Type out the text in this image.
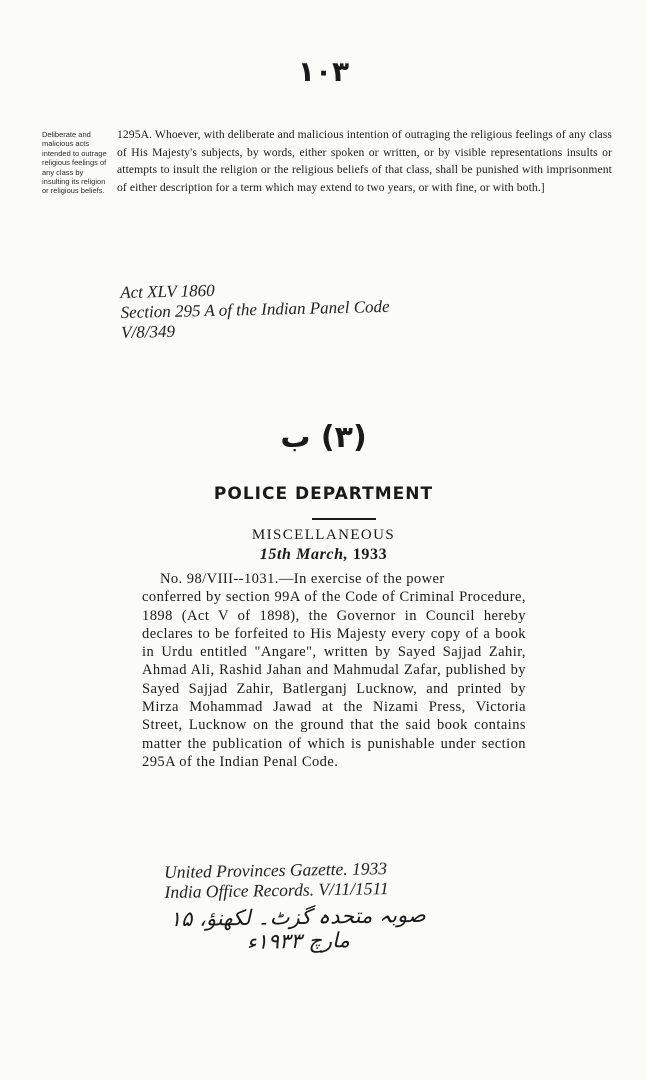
١٠٣
Deliberate and malicious acts intended to outrage religious feelings of any class by insulting its religion or religious beliefs.
1295A. Whoever, with deliberate and malicious intention of outraging the religious feelings of any class of His Majesty's subjects, by words, either spoken or written, or by visible representations insults or attempts to insult the religion or the religious beliefs of that class, shall be punished with imprisonment of either description for a term which may extend to two years, or with fine, or with both.]
Act XLV 1860
Section 295 A of the Indian Panel Code
V/8/349
(٣) ب
POLICE DEPARTMENT
MISCELLANEOUS
15th March, 1933
No. 98/VIII--1031.—In exercise of the power
conferred by section 99A of the Code of Criminal Procedure, 1898 (Act V of 1898), the Governor in Council hereby declares to be forfeited to His Majesty every copy of a book in Urdu entitled "Angare", written by Sayed Sajjad Zahir, Ahmad Ali, Rashid Jahan and Mahmudal Zafar, published by Sayed Sajjad Zahir, Batlerganj Lucknow, and printed by Mirza Mohammad Jawad at the Nizami Press, Victoria Street, Lucknow on the ground that the said book contains matter the publication of which is punishable under section 295A of the Indian Penal Code.
United Provinces Gazette. 1933
India Office Records. V/11/1511
صوبہ متحدہ گزٹ۔ لکھنؤ، ۱۵ مارچ ۱۹۳۳ء
